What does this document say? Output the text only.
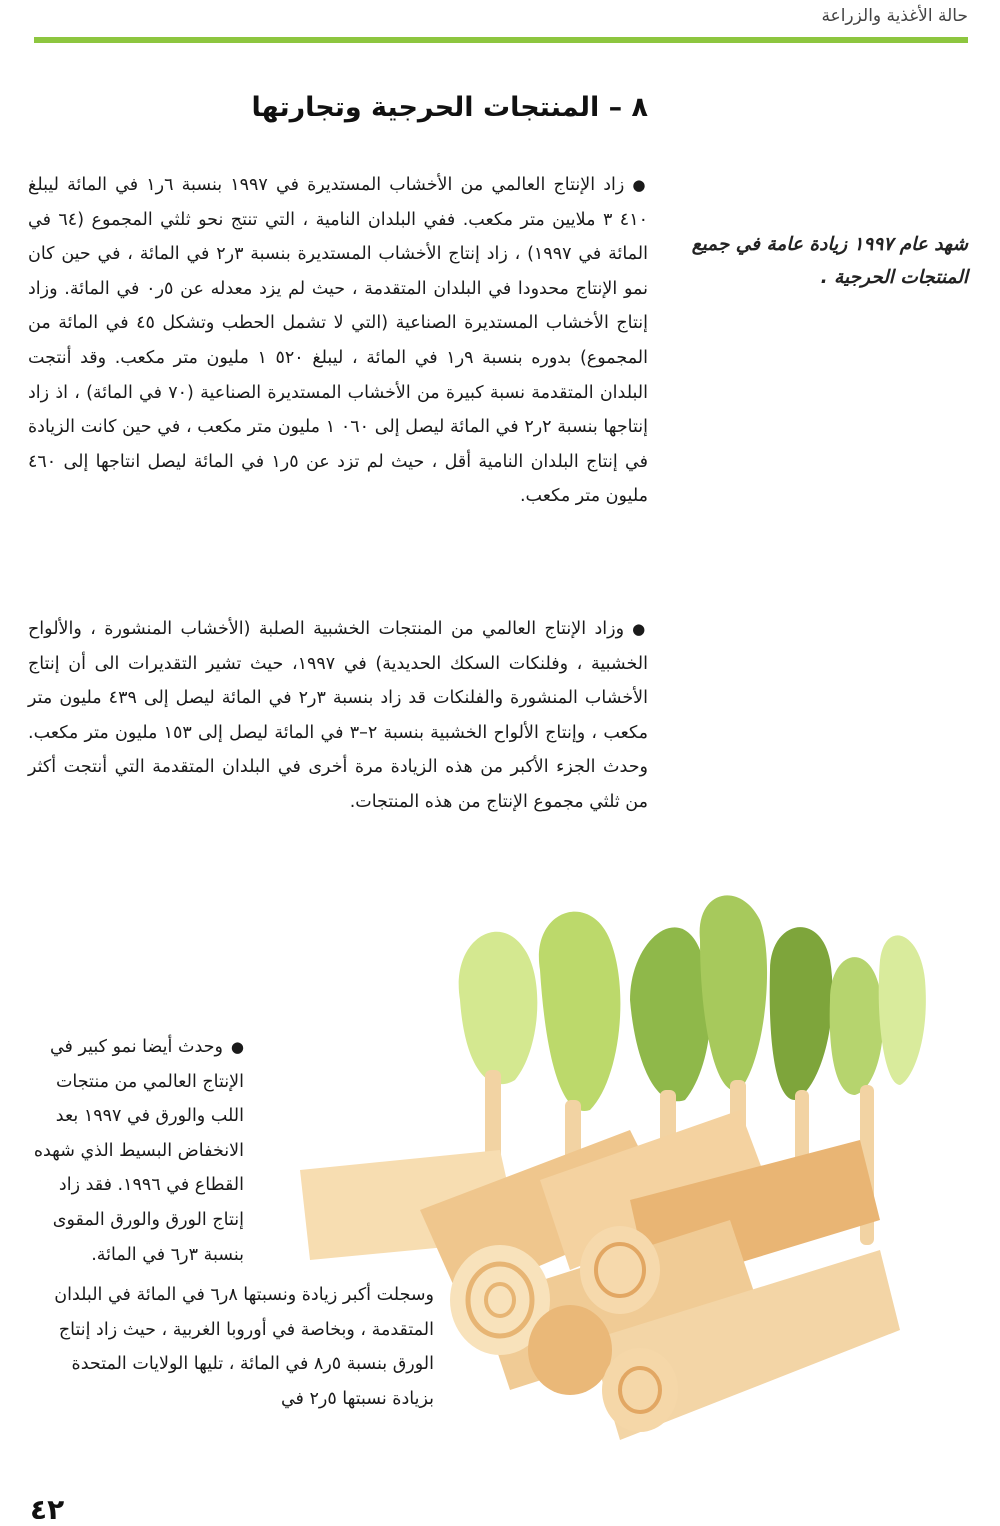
حالة الأغذية والزراعة
٨ – المنتجات الحرجية وتجارتها
شهد عام ١٩٩٧ زيادة عامة في جميع المنتجات الحرجية .

●زاد الإنتاج العالمي من الأخشاب المستديرة في ١٩٩٧ بنسبة ٦ر١ في المائة ليبلغ ٤١٠ ٣ ملايين متر مكعب. ففي البلدان النامية ، التي تنتج نحو ثلثي المجموع (٦٤ في المائة في ١٩٩٧) ، زاد إنتاج الأخشاب المستديرة بنسبة ٣ر٢ في المائة ، في حين كان نمو الإنتاج محدودا في البلدان المتقدمة ، حيث لم يزد معدله عن ٥ر٠ في المائة. وزاد إنتاج الأخشاب المستديرة الصناعية (التي لا تشمل الحطب وتشكل ٤٥ في المائة من المجموع) بدوره بنسبة ٩ر١ في المائة ، ليبلغ ٥٢٠ ١ مليون متر مكعب. وقد أنتجت البلدان المتقدمة نسبة كبيرة من الأخشاب المستديرة الصناعية (٧٠ في المائة) ، اذ زاد إنتاجها بنسبة ٢ر٢ في المائة ليصل إلى ٠٦٠ ١ مليون متر مكعب ، في حين كانت الزيادة في إنتاج البلدان النامية أقل ، حيث لم تزد عن ٥ر١ في المائة ليصل انتاجها إلى ٤٦٠ مليون متر مكعب.

●وزاد الإنتاج العالمي من المنتجات الخشبية الصلبة (الأخشاب المنشورة ، والألواح الخشبية ، وفلنكات السكك الحديدية) في ١٩٩٧، حيث تشير التقديرات الى أن إنتاج الأخشاب المنشورة والفلنكات قد زاد بنسبة ٣ر٢ في المائة ليصل إلى ٤٣٩ مليون متر مكعب ، وإنتاج الألواح الخشبية بنسبة ٢–٣ في المائة ليصل إلى ١٥٣ مليون متر مكعب. وحدث الجزء الأكبر من هذه الزيادة مرة أخرى في البلدان المتقدمة التي أنتجت أكثر من ثلثي مجموع الإنتاج من هذه المنتجات.

●وحدث أيضا نمو كبير في الإنتاج العالمي من منتجات اللب والورق في ١٩٩٧ بعد الانخفاض البسيط الذي شهده القطاع في ١٩٩٦. فقد زاد إنتاج الورق والورق المقوى بنسبة ٣ر٦ في المائة.

وسجلت أكبر زيادة ونسبتها ٨ر٦ في المائة في البلدان المتقدمة ، وبخاصة في أوروبا الغربية ، حيث زاد إنتاج الورق بنسبة ٥ر٨ في المائة ، تليها الولايات المتحدة بزيادة نسبتها ٥ر٢ في

٤٢
